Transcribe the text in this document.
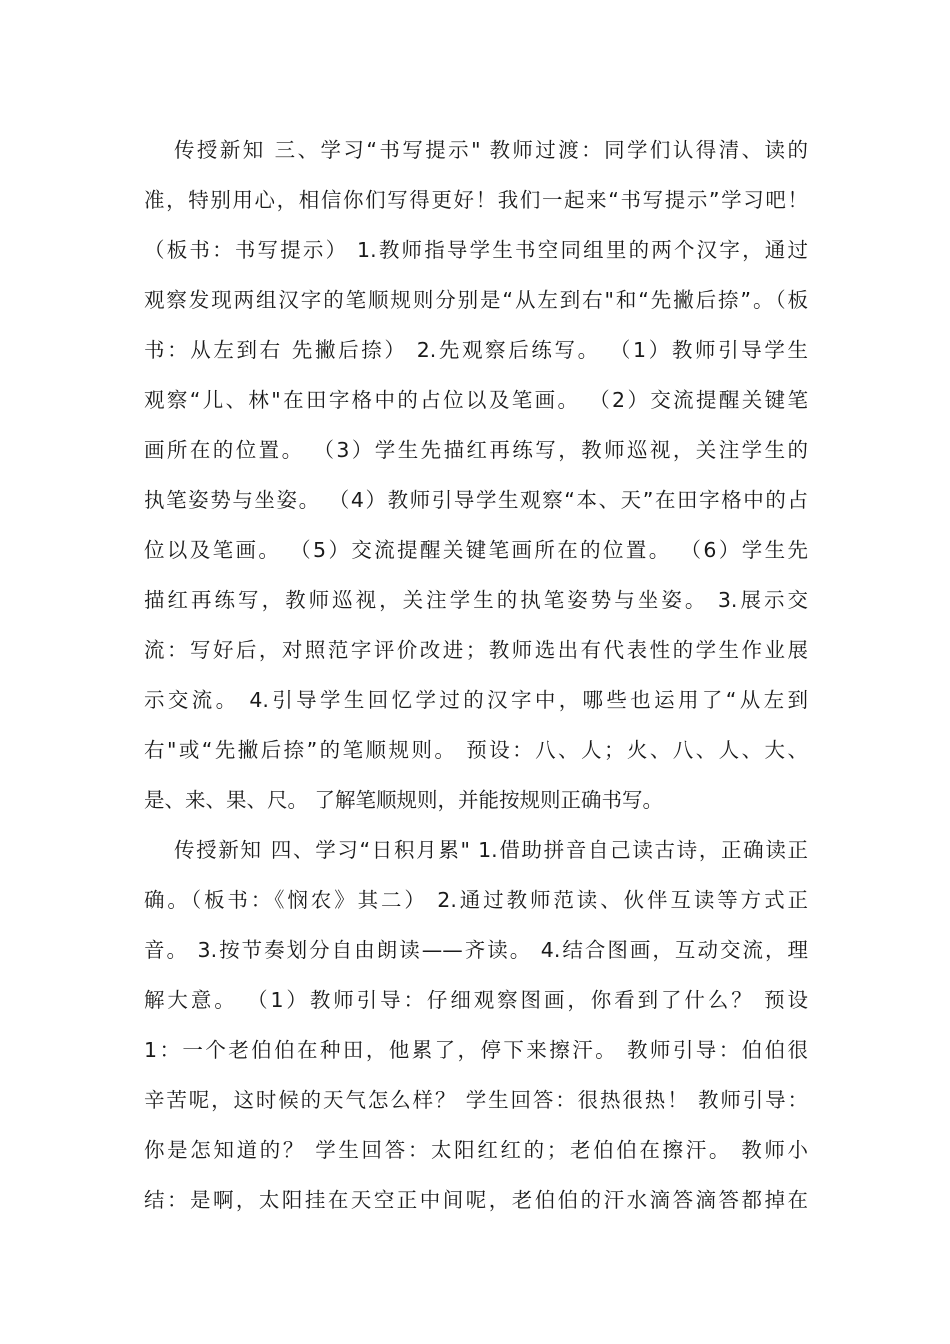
传授新知 三、学习“书写提示" 教师过渡：同学们认得清、读的
准，特别用心，相信你们写得更好！我们一起来“书写提示”学习吧！
（板书：书写提示） 1.教师指导学生书空同组里的两个汉字，通过
观察发现两组汉字的笔顺规则分别是“从左到右"和“先撇后捺”。（板
书：从左到右 先撇后捺） 2.先观察后练写。 （1）教师引导学生
观察“儿、林"在田字格中的占位以及笔画。 （2）交流提醒关键笔
画所在的位置。 （3）学生先描红再练写，教师巡视，关注学生的
执笔姿势与坐姿。 （4）教师引导学生观察“本、天”在田字格中的占
位以及笔画。 （5）交流提醒关键笔画所在的位置。 （6）学生先
描红再练写，教师巡视，关注学生的执笔姿势与坐姿。 3.展示交
流：写好后，对照范字评价改进；教师选出有代表性的学生作业展
示交流。 4.引导学生回忆学过的汉字中，哪些也运用了“从左到
右"或“先撇后捺”的笔顺规则。 预设：八、人；火、八、人、大、
是、来、果、尺。 了解笔顺规则，并能按规则正确书写。
传授新知 四、学习“日积月累" 1.借助拼音自己读古诗，正确读正
确。（板书：《悯农》其二） 2.通过教师范读、伙伴互读等方式正
音。 3.按节奏划分自由朗读——齐读。 4.结合图画，互动交流，理
解大意。 （1）教师引导：仔细观察图画，你看到了什么？ 预设
1：一个老伯伯在种田，他累了，停下来擦汗。 教师引导：伯伯很
辛苦呢，这时候的天气怎么样？ 学生回答：很热很热！ 教师引导：
你是怎知道的？ 学生回答：太阳红红的；老伯伯在擦汗。 教师小
结：是啊，太阳挂在天空正中间呢，老伯伯的汗水滴答滴答都掉在
